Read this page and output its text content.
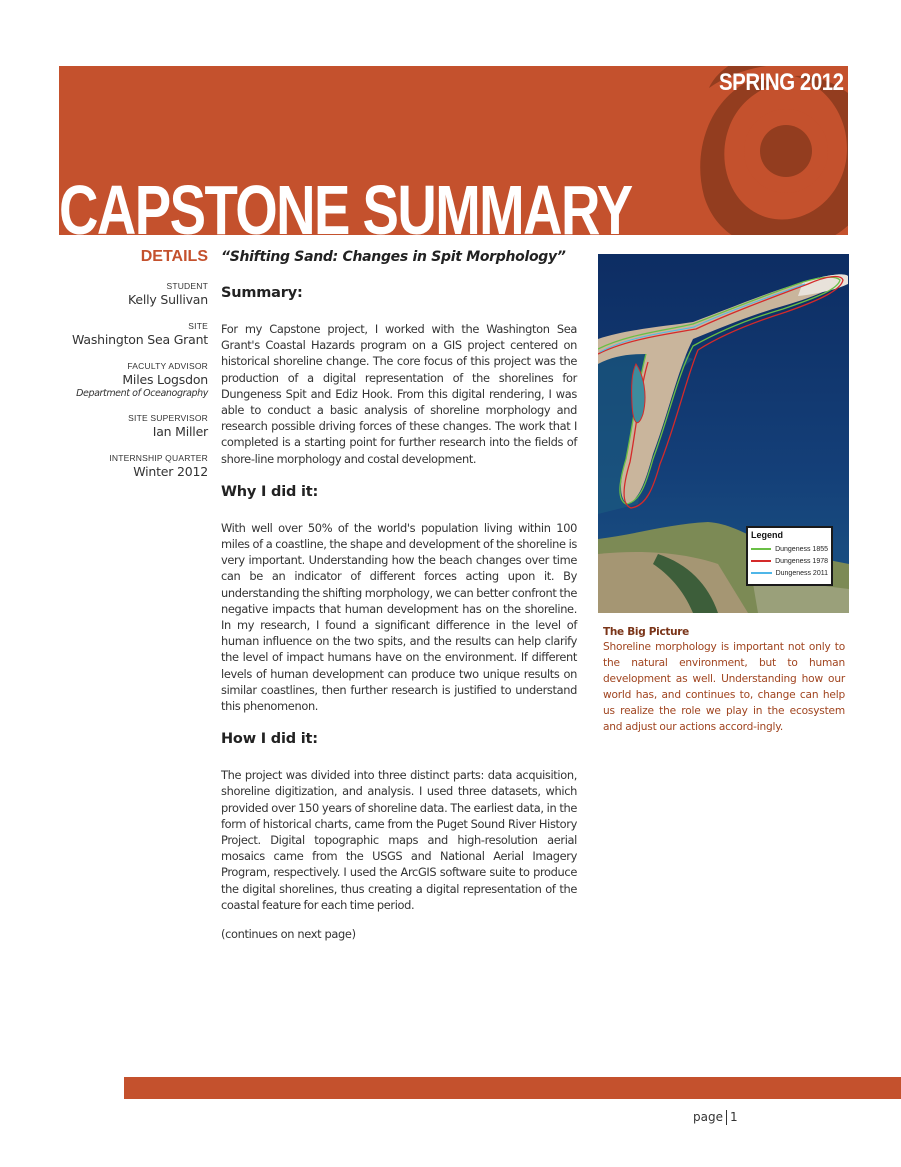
SPRING 2012
CAPSTONE SUMMARY
DETAILS
STUDENT
Kelly Sullivan
SITE
Washington Sea Grant
FACULTY ADVISOR
Miles Logsdon
Department of Oceanography
SITE SUPERVISOR
Ian Miller
INTERNSHIP QUARTER
Winter 2012
“Shifting Sand: Changes in Spit Morphology”
Summary:

For my Capstone project, I worked with the Washington Sea Grant's Coastal Hazards program on a GIS project centered on historical shoreline change. The core focus of this project was the production of a digital representation of the shorelines for Dungeness Spit and Ediz Hook. From this digital rendering, I was able to conduct a basic analysis of shoreline morphology and research possible driving forces of these changes. The work that I completed is a starting point for further research into the fields of shore-line morphology and costal development.

Why I did it:

With well over 50% of the world's population living within 100 miles of a coastline, the shape and development of the shoreline is very important. Understanding how the beach changes over time can be an indicator of different forces acting upon it. By understanding the shifting morphology, we can better confront the negative impacts that human development has on the shoreline. In my research, I found a significant difference in the level of human influence on the two spits, and the results can help clarify the level of impact humans have on the environment. If different levels of human development can produce two unique results on similar coastlines, then further research is justified to understand this phenomenon.

How I did it:

The project was divided into three distinct parts: data acquisition, shoreline digitization, and analysis. I used three datasets, which provided over 150 years of shoreline data. The earliest data, in the form of historical charts, came from the Puget Sound River History Project. Digital topographic maps and high-resolution aerial mosaics came from the USGS and National Aerial Imagery Program, respectively. I used the ArcGIS software suite to produce the digital shorelines, thus creating a digital representation of the coastal feature for each time period.

(continues on next page)
Legend
Dungeness 1855
Dungeness 1978
Dungeness 2011
The Big Picture

Shoreline morphology is important not only to the natural environment, but to human development as well. Understanding how our world has, and continues to, change can help us realize the role we play in the ecosystem and adjust our actions accord-ingly.

page 1
